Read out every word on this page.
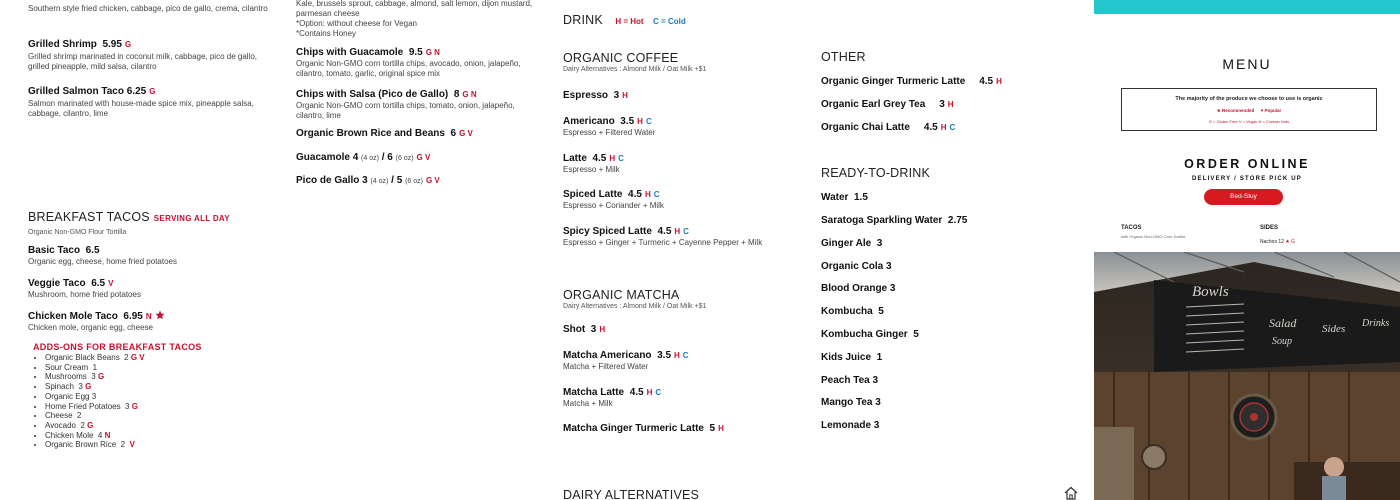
Southern style fried chicken, cabbage, pico de gallo, crema, cilantro
Grilled Shrimp 5.95 G
Grilled shrimp marinated in coconut milk, cabbage, pico de gallo, grilled pineapple, mild salsa, cilantro
Grilled Salmon Taco 6.25 G
Salmon marinated with house-made spice mix, pineapple salsa, cabbage, cilantro, lime
BREAKFAST TACOS SERVING ALL DAY
Organic Non-GMO Flour Tortilla
Basic Taco 6.5
Organic egg, cheese, home fried potatoes
Veggie Taco 6.5 V
Mushroom, home fried potatoes
Chicken Mole Taco 6.95 N
Chicken mole, organic egg, cheese
ADDS-ONS FOR BREAKFAST TACOS
• Organic Black Beans 2 G V
• Sour Cream 1
• Mushrooms 3 G
• Spinach 3 G
• Organic Egg 3
• Home Fried Potatoes 3 G
• Cheese 2
• Avocado 2 G
• Chicken Mole 4 N
• Organic Brown Rice 2 V
Kale, brussels sprout, cabbage, almond, salt lemon, dijon mustard, parmesan cheese
*Option: without cheese for Vegan
*Contains Honey
Chips with Guacamole 9.5 G N
Organic Non-GMO corn tortilla chips, avocado, onion, jalapeño, cilantro, tomato, garlic, original spice mix
Chips with Salsa (Pico de Gallo) 8 G N
Organic Non-GMO corn tortilla chips, tomato, onion, jalapeño, cilantro, lime
Organic Brown Rice and Beans 6 G V
Guacamole 4 (4 oz) / 6 (6 oz) G V
Pico de Gallo 3 (4 oz) / 5 (6 oz) G V
DRINK H = Hot C = Cold
ORGANIC COFFEE
Dairy Alternatives : Almond Milk / Oat Milk +$1
Espresso 3 H
Americano 3.5 H C
Espresso + Filtered Water
Latte 4.5 H C
Espresso + Milk
Spiced Latte 4.5 H C
Espresso + Coriander + Milk
Spicy Spiced Latte 4.5 H C
Espresso + Ginger + Turmeric + Cayenne Pepper + Milk
ORGANIC MATCHA
Dairy Alternatives : Almond Milk / Oat Milk +$1
Shot 3 H
Matcha Americano 3.5 H C
Matcha + Filtered Water
Matcha Latte 4.5 H C
Matcha + Milk
Matcha Ginger Turmeric Latte 5 H
DAIRY ALTERNATIVES
OTHER
Organic Ginger Turmeric Latte 4.5 H
Organic Earl Grey Tea 3 H
Organic Chai Latte 4.5 H C
READY-TO-DRINK
Water 1.5
Saratoga Sparkling Water 2.75
Ginger Ale 3
Organic Cola 3
Blood Orange 3
Kombucha 5
Kombucha Ginger 5
Kids Juice 1
Peach Tea 3
Mango Tea 3
Lemonade 3
MENU
The majority of the produce we choose to use is organic
★ Recommended ♥ Popular
G = Gluten Free V = Vegan N = Contain Nuts
ORDER ONLINE
DELIVERY / STORE PICK UP
Bed-Stuy
TACOS
with Organic Non-GMO Corn Tortilla
SIDES
Nachos 12 ★ G
Bowls
Salad Sides Drinks
Soup
